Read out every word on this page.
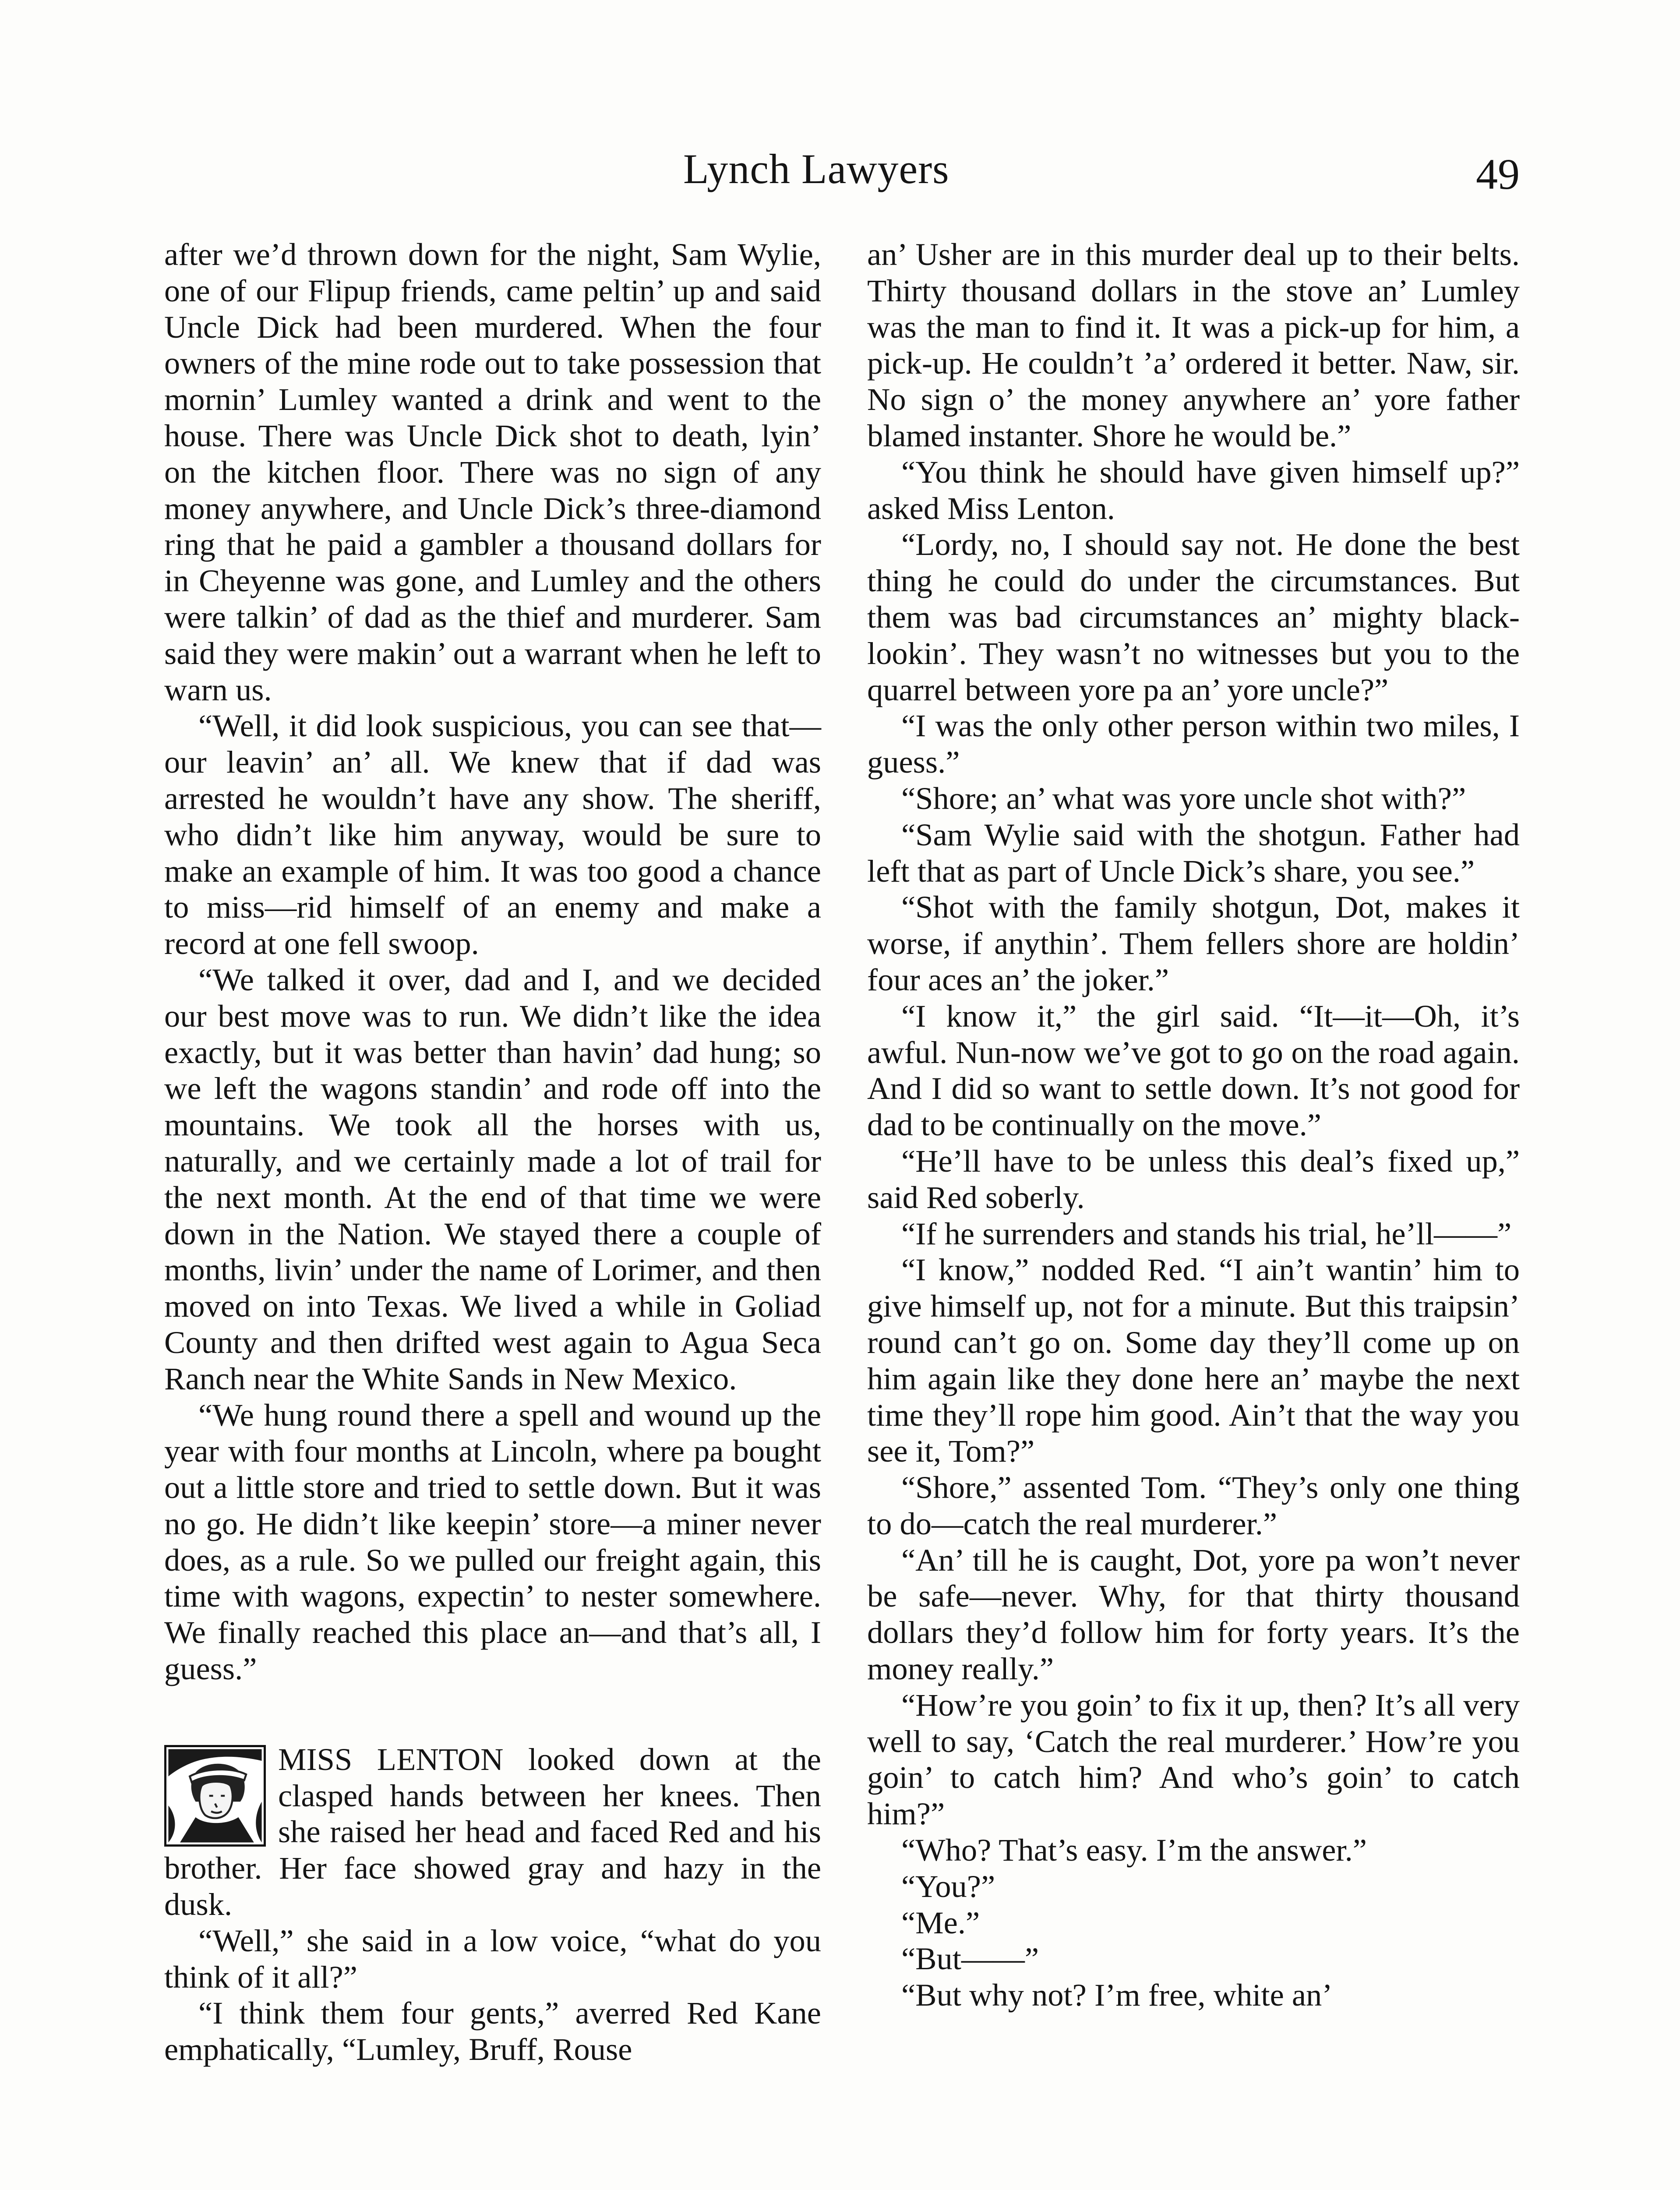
Lynch Lawyers	49

after we’d thrown down for the night, Sam Wylie, one of our Flipup friends, came peltin’ up and said Uncle Dick had been murdered. When the four owners of the mine rode out to take possession that mornin’ Lumley wanted a drink and went to the house. There was Uncle Dick shot to death, lyin’ on the kitchen floor. There was no sign of any money anywhere, and Uncle Dick’s three-diamond ring that he paid a gambler a thousand dollars for in Cheyenne was gone, and Lumley and the others were talkin’ of dad as the thief and murderer. Sam said they were makin’ out a warrant when he left to warn us.

“Well, it did look suspicious, you can see that—our leavin’ an’ all. We knew that if dad was arrested he wouldn’t have any show. The sheriff, who didn’t like him anyway, would be sure to make an example of him. It was too good a chance to miss—rid himself of an enemy and make a record at one fell swoop.

“We talked it over, dad and I, and we decided our best move was to run. We didn’t like the idea exactly, but it was better than havin’ dad hung; so we left the wagons standin’ and rode off into the mountains. We took all the horses with us, naturally, and we certainly made a lot of trail for the next month. At the end of that time we were down in the Nation. We stayed there a couple of months, livin’ under the name of Lorimer, and then moved on into Texas. We lived a while in Goliad County and then drifted west again to Agua Seca Ranch near the White Sands in New Mexico.

“We hung round there a spell and wound up the year with four months at Lincoln, where pa bought out a little store and tried to settle down. But it was no go. He didn’t like keepin’ store—a miner never does, as a rule. So we pulled our freight again, this time with wagons, expectin’ to nester somewhere. We finally reached this place an—and that’s all, I guess.”

MISS LENTON looked down at the clasped hands between her knees. Then she raised her head and faced Red and his brother. Her face showed gray and hazy in the dusk.

“Well,” she said in a low voice, “what do you think of it all?”

“I think them four gents,” averred Red Kane emphatically, “Lumley, Bruff, Rouse

an’ Usher are in this murder deal up to their belts. Thirty thousand dollars in the stove an’ Lumley was the man to find it. It was a pick-up for him, a pick-up. He couldn’t ’a’ ordered it better. Naw, sir. No sign o’ the money anywhere an’ yore father blamed instanter. Shore he would be.”

“You think he should have given himself up?” asked Miss Lenton.

“Lordy, no, I should say not. He done the best thing he could do under the circumstances. But them was bad circumstances an’ mighty black-lookin’. They wasn’t no witnesses but you to the quarrel between yore pa an’ yore uncle?”

“I was the only other person within two miles, I guess.”

“Shore; an’ what was yore uncle shot with?”

“Sam Wylie said with the shotgun. Father had left that as part of Uncle Dick’s share, you see.”

“Shot with the family shotgun, Dot, makes it worse, if anythin’. Them fellers shore are holdin’ four aces an’ the joker.”

“I know it,” the girl said. “It—it—Oh, it’s awful. Nun-now we’ve got to go on the road again. And I did so want to settle down. It’s not good for dad to be continually on the move.”

“He’ll have to be unless this deal’s fixed up,” said Red soberly.

“If he surrenders and stands his trial, he’ll——”

“I know,” nodded Red. “I ain’t wantin’ him to give himself up, not for a minute. But this traipsin’ round can’t go on. Some day they’ll come up on him again like they done here an’ maybe the next time they’ll rope him good. Ain’t that the way you see it, Tom?”

“Shore,” assented Tom. “They’s only one thing to do—catch the real murderer.”

“An’ till he is caught, Dot, yore pa won’t never be safe—never. Why, for that thirty thousand dollars they’d follow him for forty years. It’s the money really.”

“How’re you goin’ to fix it up, then? It’s all very well to say, ‘Catch the real murderer.’ How’re you goin’ to catch him? And who’s goin’ to catch him?”

“Who? That’s easy. I’m the answer.”

“You?”

“Me.”

“But——”

“But why not? I’m free, white an’
